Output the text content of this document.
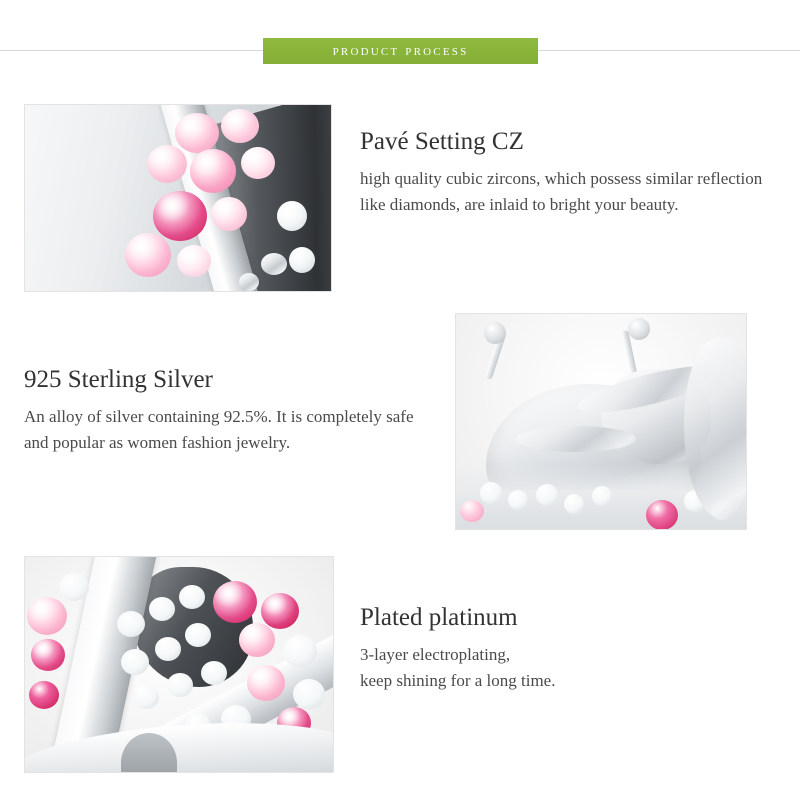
product process
Pavé Setting CZ

high quality cubic zircons, which possess similar reflection like diamonds, are inlaid to bright your beauty.

925 Sterling Silver

An alloy of silver containing 92.5%. It is completely safe and popular as women fashion jewelry.

Plated platinum

3-layer electroplating,

keep shining for a long time.
